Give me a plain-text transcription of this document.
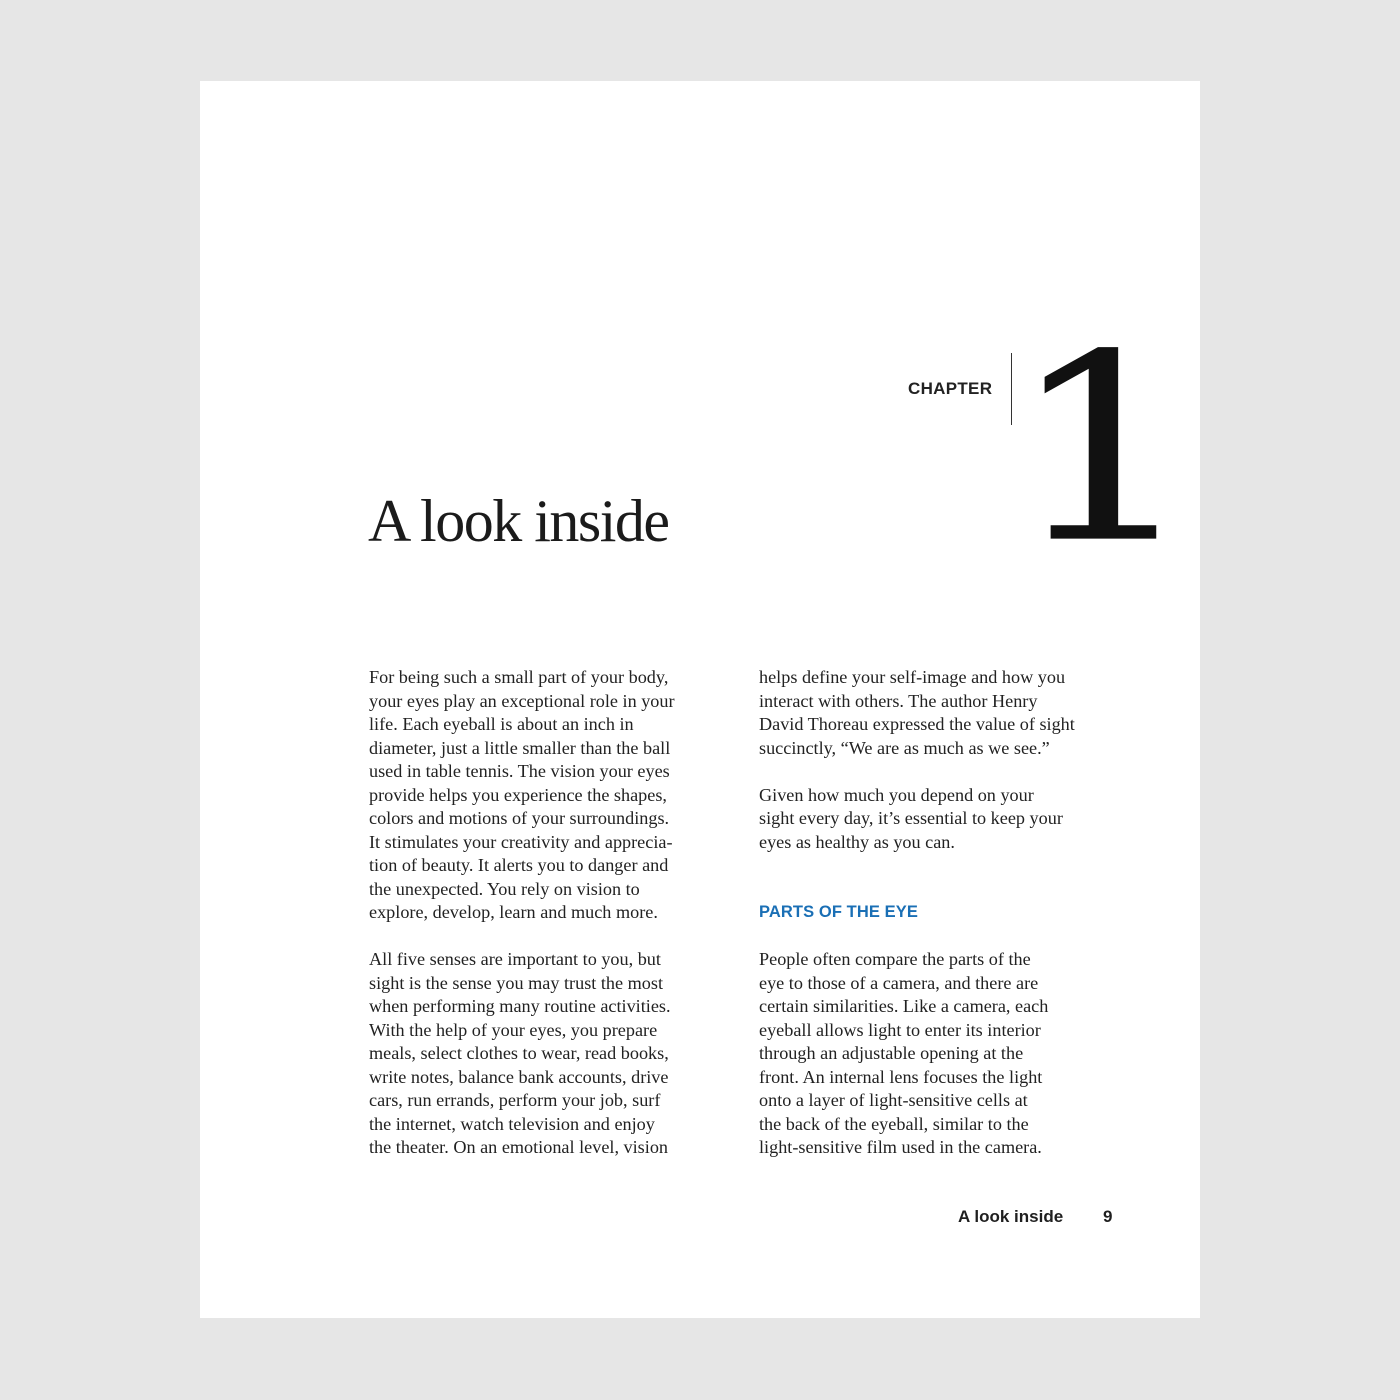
CHAPTER 1
A look inside
For being such a small part of your body,
your eyes play an exceptional role in your
life. Each eyeball is about an inch in
diameter, just a little smaller than the ball
used in table tennis. The vision your eyes
provide helps you experience the shapes,
colors and motions of your surroundings.
It stimulates your creativity and apprecia-
tion of beauty. It alerts you to danger and
the unexpected. You rely on vision to
explore, develop, learn and much more.
All five senses are important to you, but
sight is the sense you may trust the most
when performing many routine activities.
With the help of your eyes, you prepare
meals, select clothes to wear, read books,
write notes, balance bank accounts, drive
cars, run errands, perform your job, surf
the internet, watch television and enjoy
the theater. On an emotional level, vision
helps define your self-image and how you
interact with others. The author Henry
David Thoreau expressed the value of sight
succinctly, “We are as much as we see.”
Given how much you depend on your
sight every day, it’s essential to keep your
eyes as healthy as you can.
PARTS OF THE EYE
People often compare the parts of the
eye to those of a camera, and there are
certain similarities. Like a camera, each
eyeball allows light to enter its interior
through an adjustable opening at the
front. An internal lens focuses the light
onto a layer of light-sensitive cells at
the back of the eyeball, similar to the
light-sensitive film used in the camera.
A look inside 9
